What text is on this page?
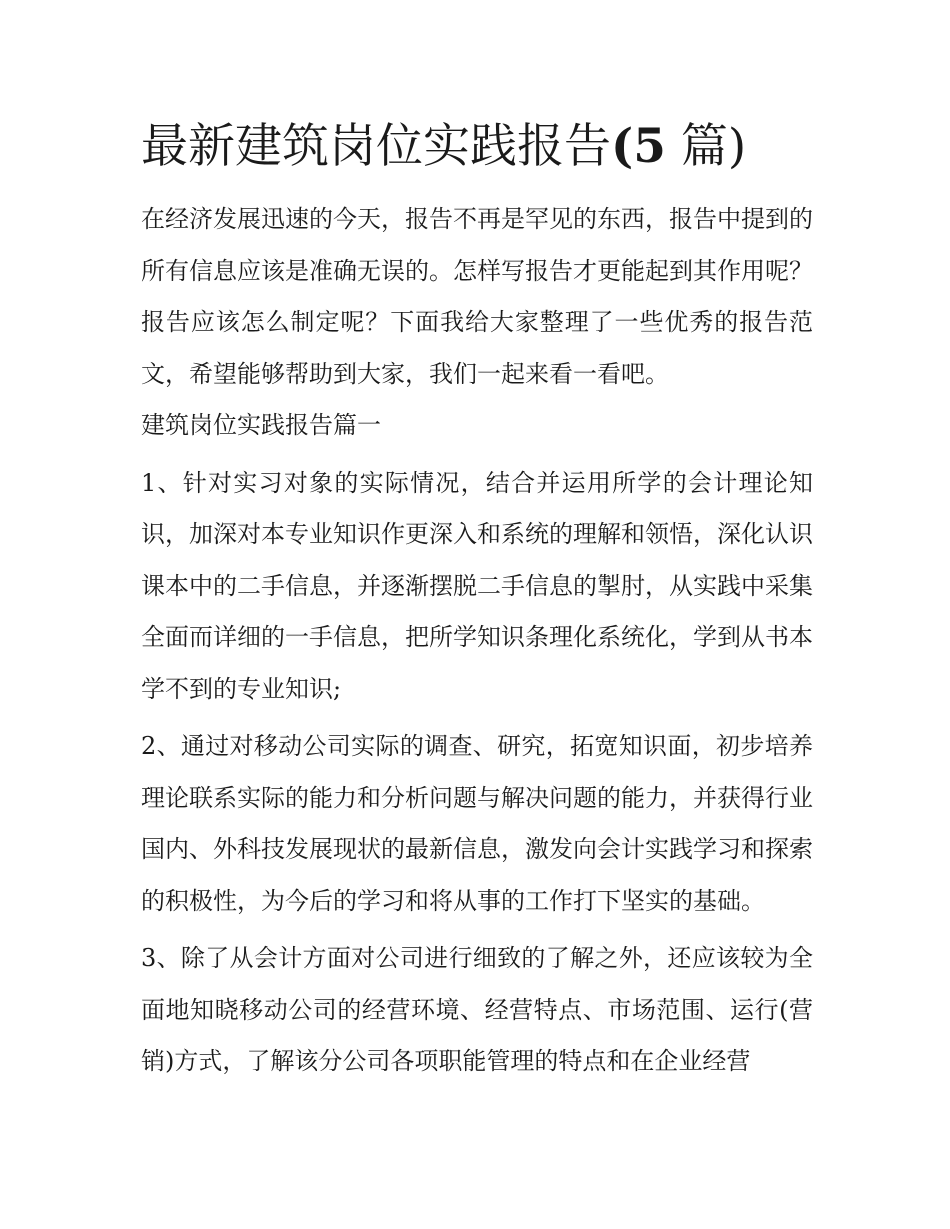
最新建筑岗位实践报告(5 篇)

在经济发展迅速的今天，报告不再是罕见的东西，报告中提到的所有信息应该是准确无误的。怎样写报告才更能起到其作用呢？报告应该怎么制定呢？下面我给大家整理了一些优秀的报告范文，希望能够帮助到大家，我们一起来看一看吧。

建筑岗位实践报告篇一

1、针对实习对象的实际情况，结合并运用所学的会计理论知识，加深对本专业知识作更深入和系统的理解和领悟，深化认识课本中的二手信息，并逐渐摆脱二手信息的掣肘，从实践中采集全面而详细的一手信息，把所学知识条理化系统化，学到从书本学不到的专业知识;

2、通过对移动公司实际的调查、研究，拓宽知识面，初步培养理论联系实际的能力和分析问题与解决问题的能力，并获得行业国内、外科技发展现状的最新信息，激发向会计实践学习和探索的积极性，为今后的学习和将从事的工作打下坚实的基础。

3、除了从会计方面对公司进行细致的了解之外，还应该较为全面地知晓移动公司的经营环境、经营特点、市场范围、运行(营销)方式，了解该分公司各项职能管理的特点和在企业经营
